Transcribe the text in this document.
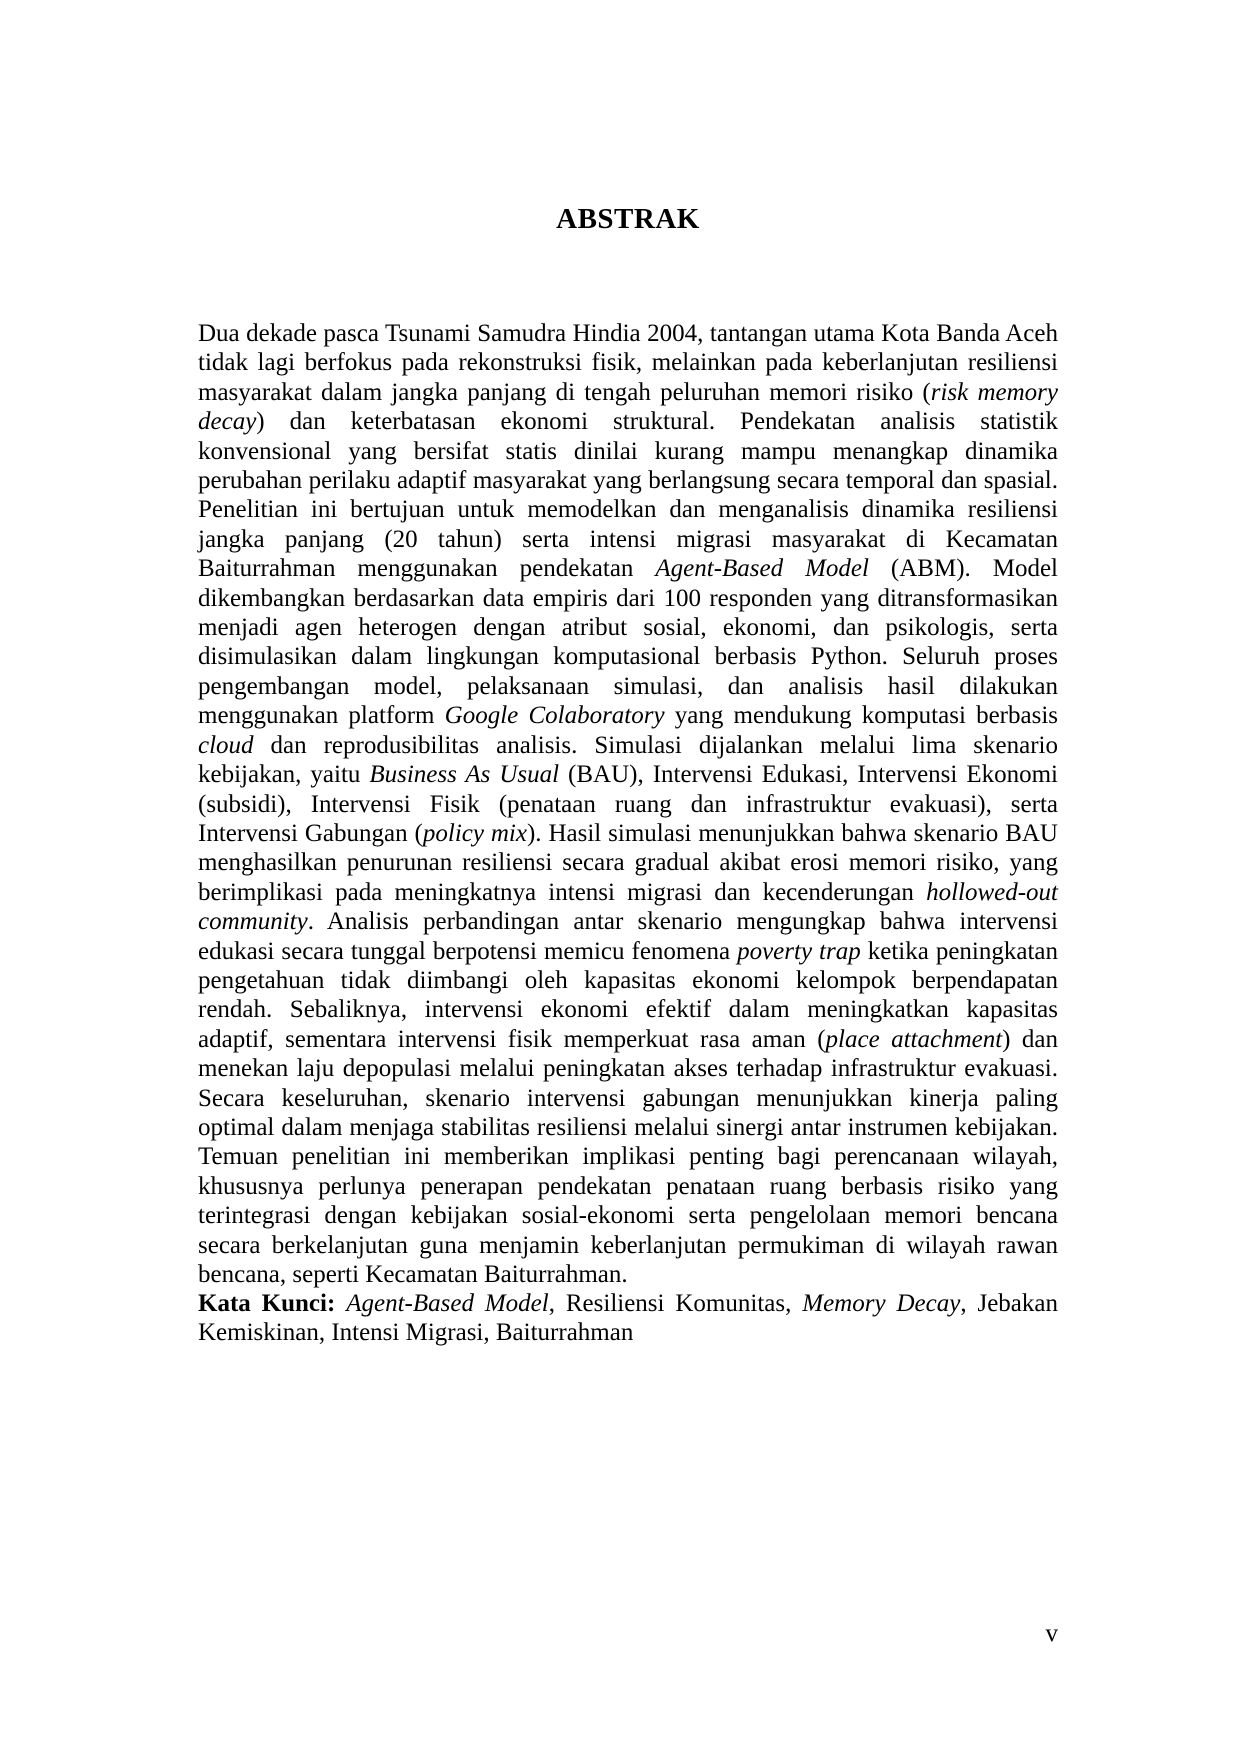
ABSTRAK

Dua dekade pasca Tsunami Samudra Hindia 2004, tantangan utama Kota Banda Aceh tidak lagi berfokus pada rekonstruksi fisik, melainkan pada keberlanjutan resiliensi masyarakat dalam jangka panjang di tengah peluruhan memori risiko (risk memory decay) dan keterbatasan ekonomi struktural. Pendekatan analisis statistik konvensional yang bersifat statis dinilai kurang mampu menangkap dinamika perubahan perilaku adaptif masyarakat yang berlangsung secara temporal dan spasial. Penelitian ini bertujuan untuk memodelkan dan menganalisis dinamika resiliensi jangka panjang (20 tahun) serta intensi migrasi masyarakat di Kecamatan Baiturrahman menggunakan pendekatan Agent-Based Model (ABM). Model dikembangkan berdasarkan data empiris dari 100 responden yang ditransformasikan menjadi agen heterogen dengan atribut sosial, ekonomi, dan psikologis, serta disimulasikan dalam lingkungan komputasional berbasis Python. Seluruh proses pengembangan model, pelaksanaan simulasi, dan analisis hasil dilakukan menggunakan platform Google Colaboratory yang mendukung komputasi berbasis cloud dan reprodusibilitas analisis. Simulasi dijalankan melalui lima skenario kebijakan, yaitu Business As Usual (BAU), Intervensi Edukasi, Intervensi Ekonomi (subsidi), Intervensi Fisik (penataan ruang dan infrastruktur evakuasi), serta Intervensi Gabungan (policy mix). Hasil simulasi menunjukkan bahwa skenario BAU menghasilkan penurunan resiliensi secara gradual akibat erosi memori risiko, yang berimplikasi pada meningkatnya intensi migrasi dan kecenderungan hollowed-out community. Analisis perbandingan antar skenario mengungkap bahwa intervensi edukasi secara tunggal berpotensi memicu fenomena poverty trap ketika peningkatan pengetahuan tidak diimbangi oleh kapasitas ekonomi kelompok berpendapatan rendah. Sebaliknya, intervensi ekonomi efektif dalam meningkatkan kapasitas adaptif, sementara intervensi fisik memperkuat rasa aman (place attachment) dan menekan laju depopulasi melalui peningkatan akses terhadap infrastruktur evakuasi. Secara keseluruhan, skenario intervensi gabungan menunjukkan kinerja paling optimal dalam menjaga stabilitas resiliensi melalui sinergi antar instrumen kebijakan. Temuan penelitian ini memberikan implikasi penting bagi perencanaan wilayah, khususnya perlunya penerapan pendekatan penataan ruang berbasis risiko yang terintegrasi dengan kebijakan sosial-ekonomi serta pengelolaan memori bencana secara berkelanjutan guna menjamin keberlanjutan permukiman di wilayah rawan bencana, seperti Kecamatan Baiturrahman.

Kata Kunci: Agent-Based Model, Resiliensi Komunitas, Memory Decay, Jebakan Kemiskinan, Intensi Migrasi, Baiturrahman

v
